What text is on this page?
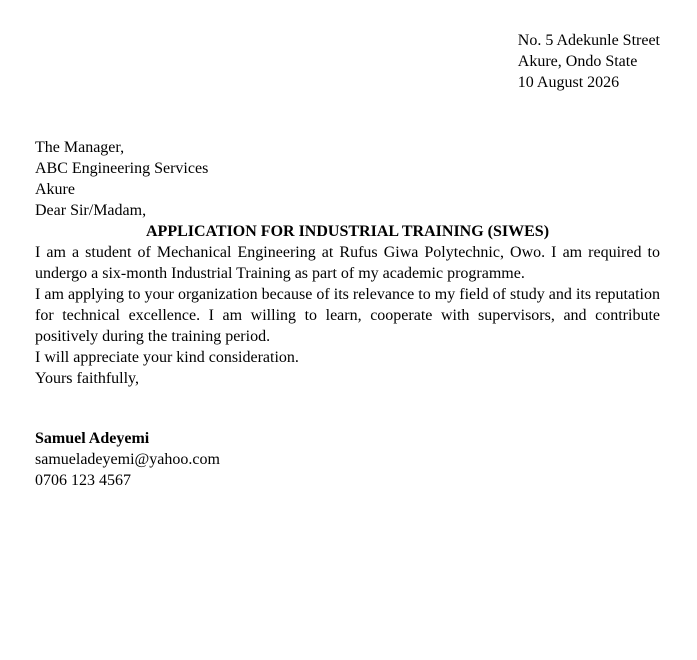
No. 5 Adekunle Street

Akure, Ondo State

10 August 2026

The Manager,

ABC Engineering Services

Akure

Dear Sir/Madam,

APPLICATION FOR INDUSTRIAL TRAINING (SIWES)

I am a student of Mechanical Engineering at Rufus Giwa Polytechnic, Owo. I am required to undergo a six-month Industrial Training as part of my academic programme.

I am applying to your organization because of its relevance to my field of study and its reputation for technical excellence. I am willing to learn, cooperate with supervisors, and contribute positively during the training period.

I will appreciate your kind consideration.

Yours faithfully,

Samuel Adeyemi

samueladeyemi@yahoo.com

0706 123 4567
